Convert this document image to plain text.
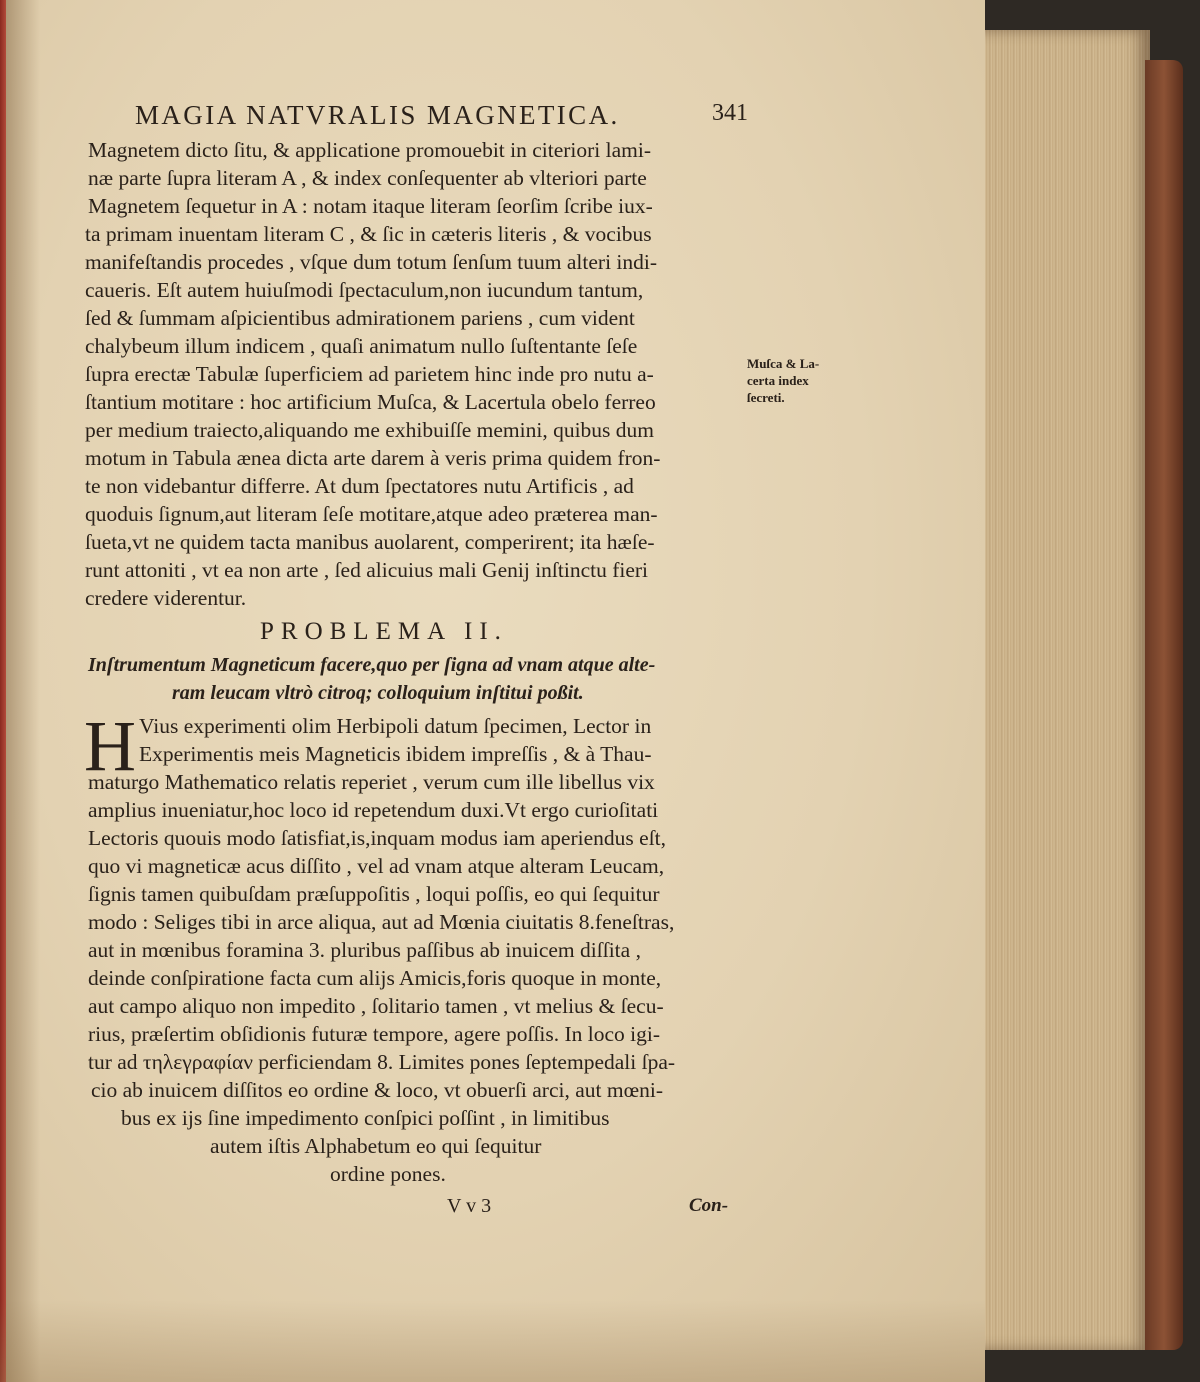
MAGIA NATVRALIS MAGNETICA.	341
Magnetem dicto ſitu, & applicatione promouebit in citeriori lami-
næ parte ſupra literam A , & index conſequenter ab vlteriori parte
Magnetem ſequetur in A : notam itaque literam ſeorſim ſcribe iux-
ta primam inuentam literam C , & ſic in cæteris literis , & vocibus
manifeſtandis procedes , vſque dum totum ſenſum tuum alteri indi-
caueris. Eſt autem huiuſmodi ſpectaculum,non iucundum tantum,
ſed & ſummam aſpicientibus admirationem pariens , cum vident
chalybeum illum indicem , quaſi animatum nullo ſuſtentante ſeſe
ſupra erectæ Tabulæ ſuperficiem ad parietem hinc inde pro nutu a-
ſtantium motitare : hoc artificium Muſca, & Lacertula obelo ferreo
per medium traiecto,aliquando me exhibuiſſe memini, quibus dum
motum in Tabula ænea dicta arte darem à veris prima quidem fron-
te non videbantur differre. At dum ſpectatores nutu Artificis , ad
quoduis ſignum,aut literam ſeſe motitare,atque adeo præterea man-
ſueta,vt ne quidem tacta manibus auolarent, comperirent; ita hæſe-
runt attoniti , vt ea non arte , ſed alicuius mali Genij inſtinctu fieri
credere viderentur.
Muſca & La-
certa index
ſecreti.
PROBLEMA II.
Inſtrumentum Magneticum facere,quo per ſigna ad vnam atque alte-
ram leucam vltrò citroq; colloquium inſtitui poßit.
H Vius experimenti olim Herbipoli datum ſpecimen, Lector in
Experimentis meis Magneticis ibidem impreſſis , & à Thau-
maturgo Mathematico relatis reperiet , verum cum ille libellus vix
amplius inueniatur,hoc loco id repetendum duxi.Vt ergo curioſitati
Lectoris quouis modo ſatisfiat,is,inquam modus iam aperiendus eſt,
quo vi magneticæ acus diſſito , vel ad vnam atque alteram Leucam,
ſignis tamen quibuſdam præſuppoſitis , loqui poſſis, eo qui ſequitur
modo : Seliges tibi in arce aliqua, aut ad Mœnia ciuitatis 8.feneſtras,
aut in mœnibus foramina 3. pluribus paſſibus ab inuicem diſſita ,
deinde conſpiratione facta cum alijs Amicis,foris quoque in monte,
aut campo aliquo non impedito , ſolitario tamen , vt melius & ſecu-
rius, præſertim obſidionis futuræ tempore, agere poſſis. In loco igi-
tur ad τηλεγραφίαν perficiendam 8. Limites pones ſeptempedali ſpa-
cio ab inuicem diſſitos eo ordine & loco, vt obuerſi arci, aut mœni-
bus ex ijs ſine impedimento conſpici poſſint , in limitibus
autem iſtis Alphabetum eo qui ſequitur
ordine pones.
V v 3	Con-
